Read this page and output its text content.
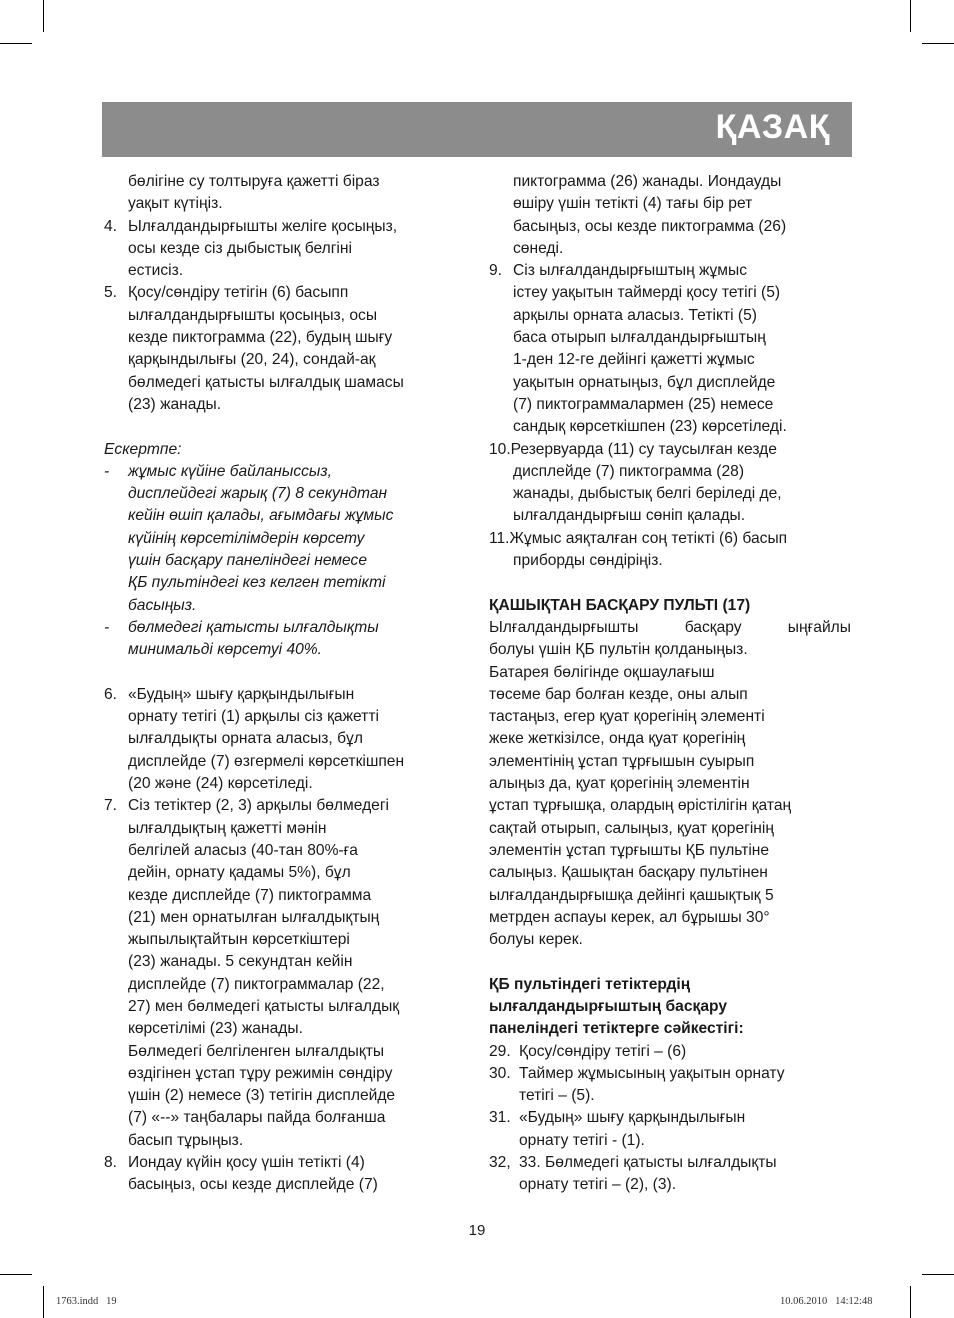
ҚАЗАҚ
бөлігіне су толтыруға қажетті біраз
уақыт күтіңіз.
4. Ылғалдандырғышты желіге қосыңыз,
осы кезде сіз дыбыстық белгіні
естисіз.
5. Қосу/сөндіру тетігін (6) басыпп
ылғалдандырғышты қосыңыз, осы
кезде пиктограмма (22), будың шығу
қарқындылығы (20, 24), сондай-ақ
бөлмедегі қатысты ылғалдық шамасы
(23) жанады.
Ескертпе:
- жұмыс күйіне байланыссыз,
дисплейдегі жарық (7) 8 секундтан
кейін өшіп қалады, ағымдағы жұмыс
күйінің көрсетілімдерін көрсету
үшін басқару панеліндегі немесе
ҚБ пультіндегі кез келген тетікті
басыңыз.
- бөлмедегі қатысты ылғалдықты
минимальді көрсетуі 40%.
6. «Будың» шығу қарқындылығын
орнату тетігі (1) арқылы сіз қажетті
ылғалдықты орната аласыз, бұл
дисплейде (7) өзгермелі көрсеткішпен
(20 және (24) көрсетіледі.
7. Сіз тетіктер (2, 3) арқылы бөлмедегі
ылғалдықтың қажетті мәнін
белгілей аласыз (40-тан 80%-ға
дейін, орнату қадамы 5%), бұл
кезде дисплейде (7) пиктограмма
(21) мен орнатылған ылғалдықтың
жыпылықтайтын көрсеткіштері
(23) жанады. 5 секундтан кейін
дисплейде (7) пиктограммалар (22,
27) мен бөлмедегі қатысты ылғалдық
көрсетілімі (23) жанады.
Бөлмедегі белгіленген ылғалдықты
өздігінен ұстап тұру режимін сөндіру
үшін (2) немесе (3) тетігін дисплейде
(7) «--» таңбалары пайда болғанша
басып тұрыңыз.
8. Иондау күйін қосу үшін тетікті (4)
басыңыз, осы кезде дисплейде (7)
пиктограмма (26) жанады. Иондауды
өшіру үшін тетікті (4) тағы бір рет
басыңыз, осы кезде пиктограмма (26)
сөнеді.
9. Сіз ылғалдандырғыштың жұмыс
істеу уақытын таймерді қосу тетігі (5)
арқылы орната аласыз. Тетікті (5)
баса отырып ылғалдандырғыштың
1-ден 12-ге дейінгі қажетті жұмыс
уақытын орнатыңыз, бұл дисплейде
(7) пиктограммалармен (25) немесе
сандық көрсеткішпен (23) көрсетіледі.
10.Резервуарда (11) су таусылған кезде
дисплейде (7) пиктограмма (28)
жанады, дыбыстық белгі беріледі де,
ылғалдандырғыш сөніп қалады.
11.Жұмыс аяқталған соң тетікті (6) басып
приборды сөндіріңіз.
ҚАШЫҚТАН БАСҚАРУ ПУЛЬТІ (17)
Ылғалдандырғышты	басқару	ыңғайлы
болуы үшін ҚБ пультін қолданыңыз.
Батарея бөлігінде оқшаулағыш
төсеме бар болған кезде, оны алып
тастаңыз, егер қуат қорегінің элементі
жеке жеткізілсе, онда қуат қорегінің
элементінің ұстап тұрғышын суырып
алыңыз да, қуат қорегінің элементін
ұстап тұрғышқа, олардың өрістілігін қатаң
сақтай отырып, салыңыз, қуат қорегінің
элементін ұстап тұрғышты ҚБ пультіне
салыңыз. Қашықтан басқару пультінен
ылғалдандырғышқа дейінгі қашықтық 5
метрден аспауы керек, ал бұрышы 30°
болуы керек.
ҚБ пультіндегі тетіктердің
ылғалдандырғыштың басқару
панеліндегі тетіктерге сәйкестігі:
29. Қосу/сөндіру тетігі – (6)
30. Таймер жұмысының уақытын орнату
тетігі – (5).
31. «Будың» шығу қарқындылығын
орнату тетігі - (1).
32, 33. Бөлмедегі қатысты ылғалдықты
орнату тетігі – (2), (3).
19
1763.indd   19	10.06.2010   14:12:48
